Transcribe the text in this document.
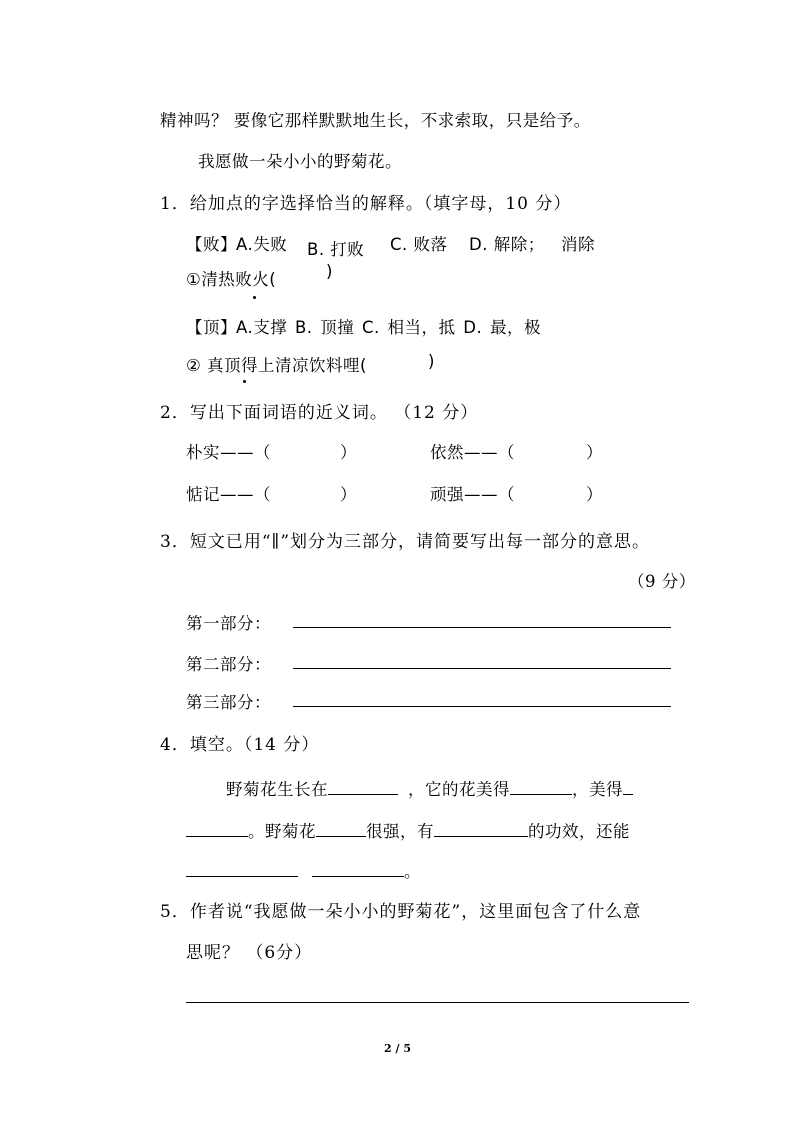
精神吗？ 要像它那样默默地生长，不求索取，只是给予。
我愿做一朵小小的野菊花。
1．给加点的字选择恰当的解释。（填字母，10 分）
【败】 A.失败 B. 打败 C. 败落 D. 解除； 消除
①清热败火(	)
【顶】 A.支撑 B. 顶撞 C. 相当，抵 D. 最，极
② 真顶得上清凉饮料哩(	)
2．写出下面词语的近义词。 （12 分）
朴实——（	）	依然——（	）
惦记——（	）	顽强——（	）
3．短文已用“∥”划分为三部分，请简要写出每一部分的意思。
（9 分）
第一部分：
第二部分：
第三部分：
4．填空。（14 分）
野菊花生长在	，它的花美得	，美得
。野菊花	很强，有	的功效，还能
。
5．作者说“我愿做一朵小小的野菊花”，这里面包含了什么意
思呢？ （6分）
2 / 5
